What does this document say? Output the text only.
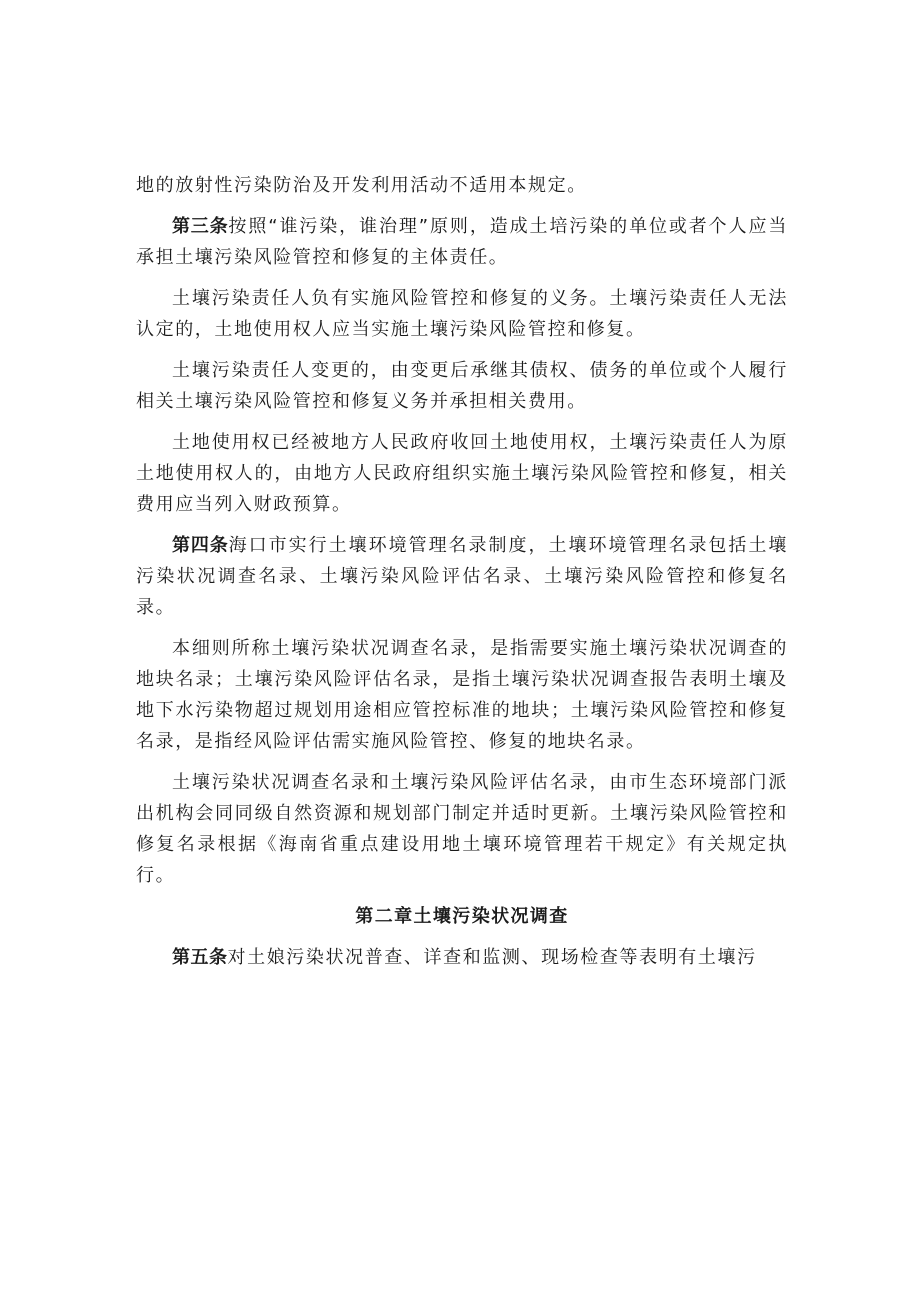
地的放射性污染防治及开发利用活动不适用本规定。

第三条按照“谁污染，谁治理”原则，造成土培污染的单位或者个人应当承担土壤污染风险管控和修复的主体责任。

土壤污染责任人负有实施风险管控和修复的义务。土壤污染责任人无法认定的，土地使用权人应当实施土壤污染风险管控和修复。

土壤污染责任人变更的，由变更后承继其债权、债务的单位或个人履行相关土壤污染风险管控和修复义务并承担相关费用。

土地使用权已经被地方人民政府收回土地使用权，土壤污染责任人为原土地使用权人的，由地方人民政府组织实施土壤污染风险管控和修复，相关费用应当列入财政预算。

第四条海口市实行土壤环境管理名录制度，土壤环境管理名录包括土壤污染状况调查名录、土壤污染风险评估名录、土壤污染风险管控和修复名录。

本细则所称土壤污染状况调查名录，是指需要实施土壤污染状况调查的地块名录；土壤污染风险评估名录，是指土壤污染状况调查报告表明土壤及地下水污染物超过规划用途相应管控标准的地块；土壤污染风险管控和修复名录，是指经风险评估需实施风险管控、修复的地块名录。

土壤污染状况调查名录和土壤污染风险评估名录，由市生态环境部门派出机构会同同级自然资源和规划部门制定并适时更新。土壤污染风险管控和修复名录根据《海南省重点建设用地土壤环境管理若干规定》有关规定执行。

第二章土壤污染状况调查

第五条对土娘污染状况普查、详查和监测、现场检查等表明有土壤污
